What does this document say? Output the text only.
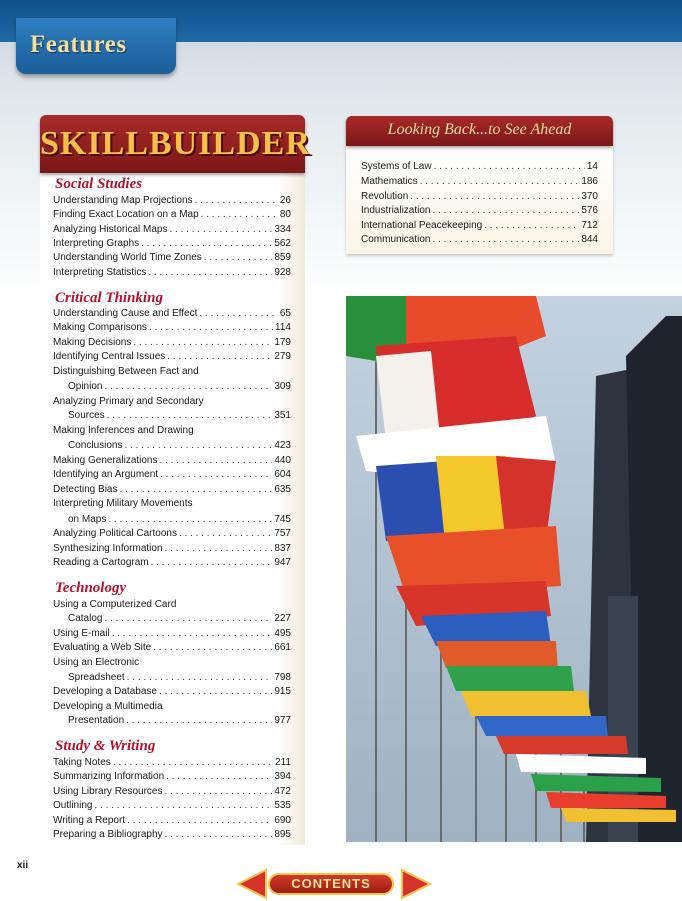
Features
SKILLBUILDER
Social Studies
Understanding Map Projections . . .	26
Finding Exact Location on a Map . . .	80
Analyzing Historical Maps . . .	334
Interpreting Graphs . . .	562
Understanding World Time Zones . . .	859
Interpreting Statistics . . .	928
Critical Thinking
Understanding Cause and Effect . . .	65
Making Comparisons . . .	114
Making Decisions . . .	179
Identifying Central Issues . . .	279
Distinguishing Between Fact and
Opinion . . .	309
Analyzing Primary and Secondary
Sources . . .	351
Making Inferences and Drawing
Conclusions . . .	423
Making Generalizations . . .	440
Identifying an Argument . . .	604
Detecting Bias . . .	635
Interpreting Military Movements
on Maps . . .	745
Analyzing Political Cartoons . . .	757
Synthesizing Information . . .	837
Reading a Cartogram . . .	947
Technology
Using a Computerized Card
Catalog . . .	227
Using E-mail . . .	495
Evaluating a Web Site . . .	661
Using an Electronic
Spreadsheet . . .	798
Developing a Database . . .	915
Developing a Multimedia
Presentation . . .	977
Study & Writing
Taking Notes . . .	211
Summarizing Information . . .	394
Using Library Resources . . .	472
Outlining . . .	535
Writing a Report . . .	690
Preparing a Bibliography . . .	895
Looking Back...to See Ahead
Systems of Law . . .	14
Mathematics . . .	186
Revolution . . .	370
Industrialization . . .	576
International Peacekeeping . . .	712
Communication . . .	844
xii
CONTENTS
